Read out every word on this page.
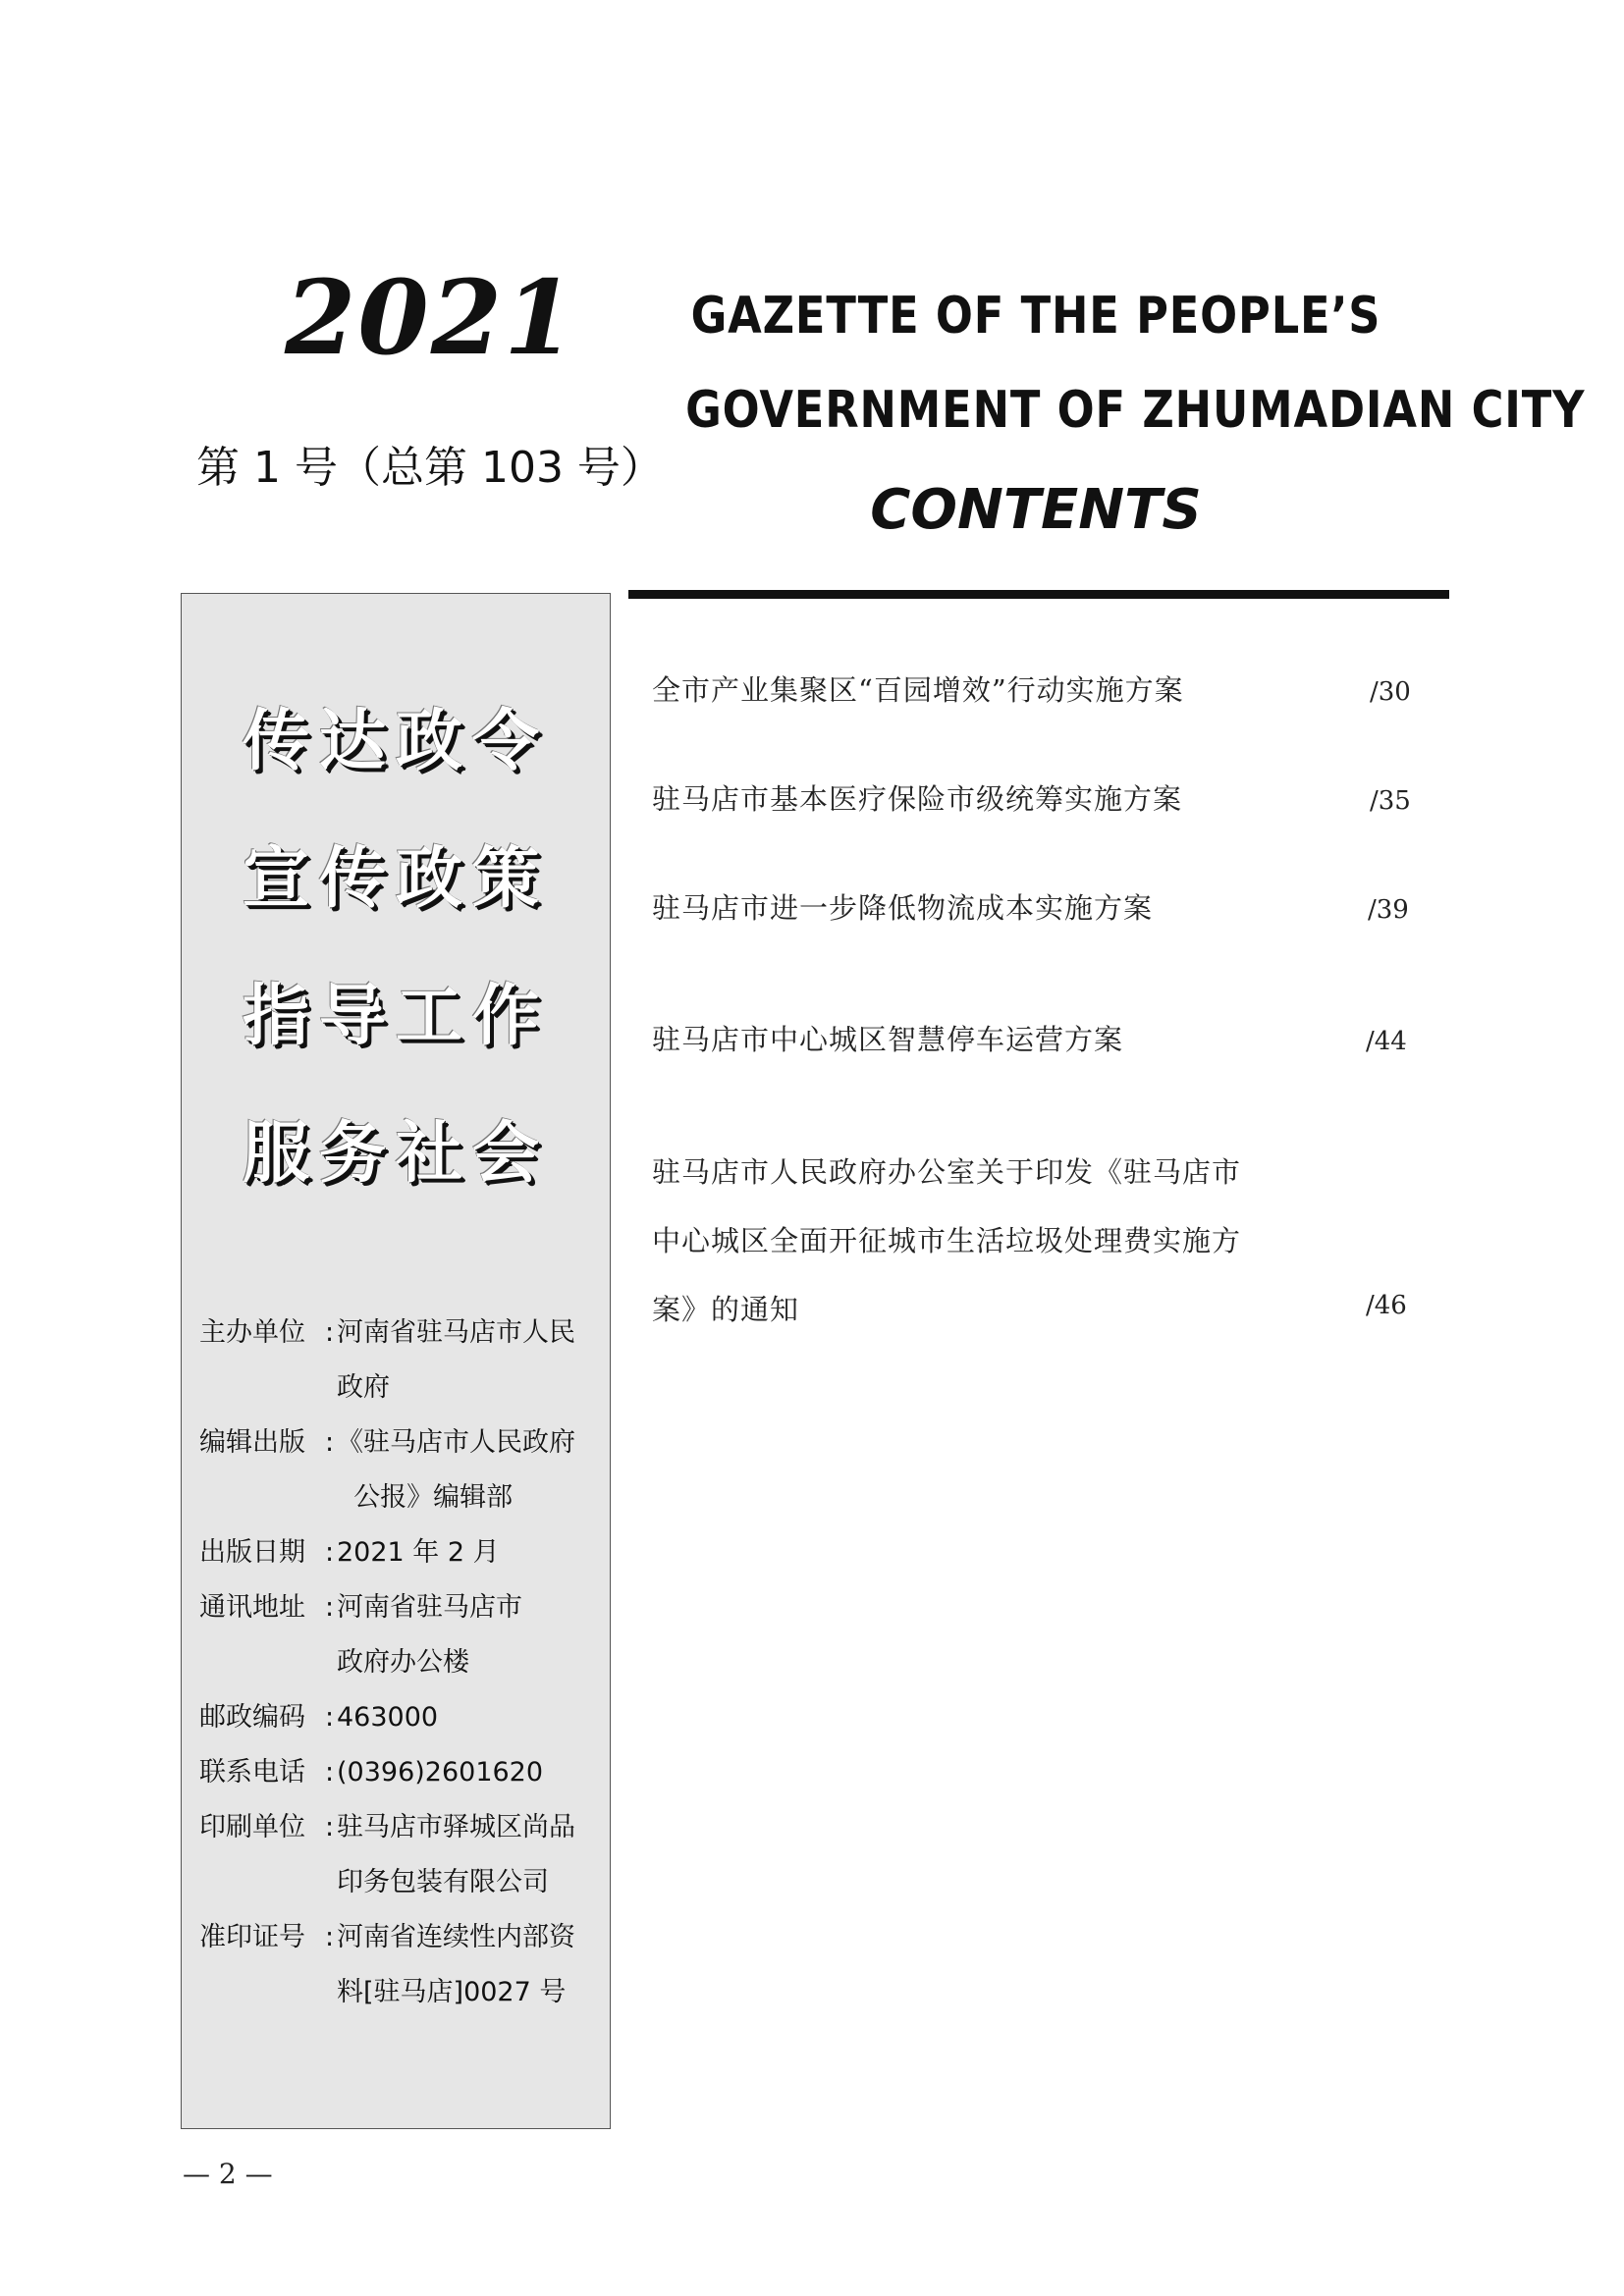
2021
第 1 号（总第 103 号）
GAZETTE OF THE PEOPLE’S
GOVERNMENT OF ZHUMADIAN CITY
CONTENTS
传达政令
宣传政策
指导工作
服务社会
主办单位 : 河南省驻马店市人民
政府
编辑出版 : 《驻马店市人民政府
公报》编辑部
出版日期 : 2021 年 2 月
通讯地址 : 河南省驻马店市
政府办公楼
邮政编码 : 463000
联系电话 : (0396)2601620
印刷单位 : 驻马店市驿城区尚品
印务包装有限公司
准印证号 : 河南省连续性内部资
料[驻马店]0027 号
全市产业集聚区“百园增效”行动实施方案	/30
驻马店市基本医疗保险市级统筹实施方案	/35
驻马店市进一步降低物流成本实施方案	/39
驻马店市中心城区智慧停车运营方案	/44
驻马店市人民政府办公室关于印发《驻马店市
中心城区全面开征城市生活垃圾处理费实施方
案》的通知	/46
— 2 —
